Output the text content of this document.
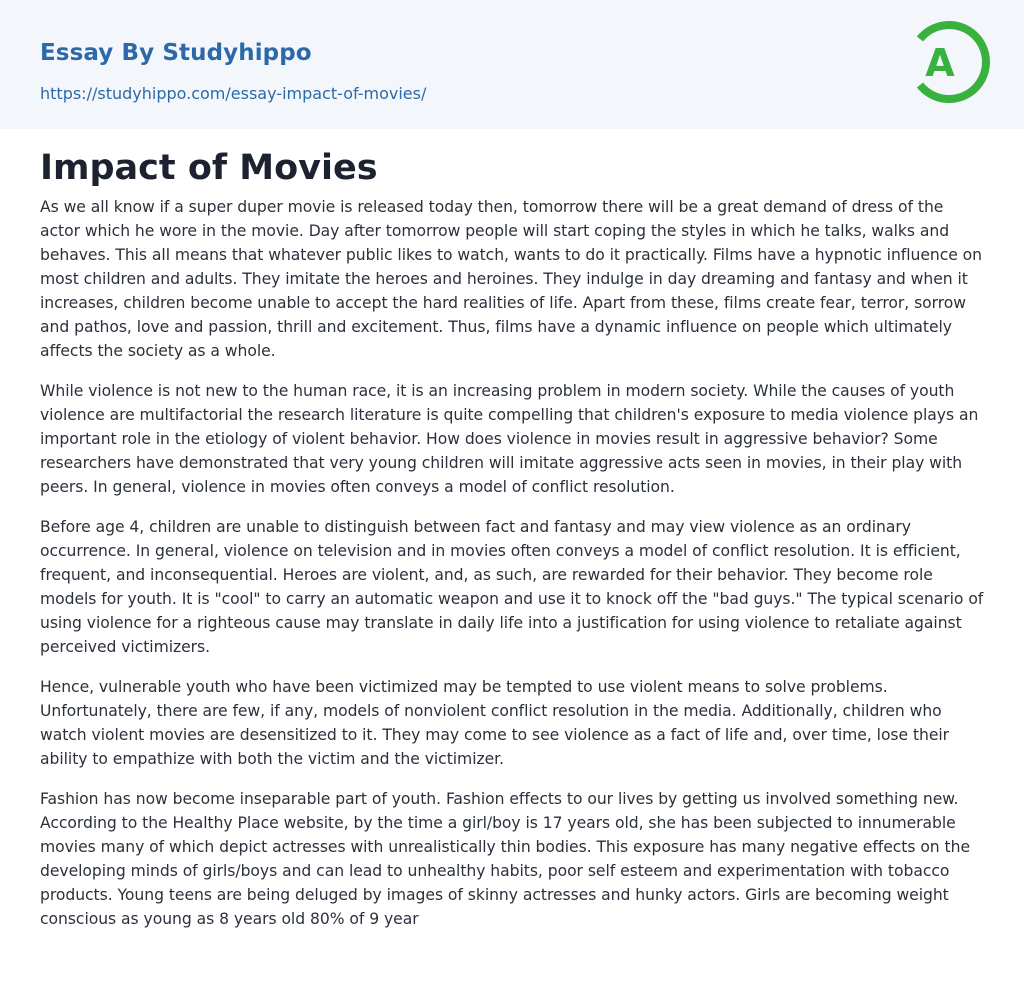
Essay By Studyhippo
https://studyhippo.com/essay-impact-of-movies/
A
Impact of Movies

As we all know if a super duper movie is released today then, tomorrow there will be a great demand of dress of the actor which he wore in the movie. Day after tomorrow people will start coping the styles in which he talks, walks and behaves. This all means that whatever public likes to watch, wants to do it practically. Films have a hypnotic influence on most children and adults. They imitate the heroes and heroines. They indulge in day dreaming and fantasy and when it increases, children become unable to accept the hard realities of life. Apart from these, films create fear, terror, sorrow and pathos, love and passion, thrill and excitement. Thus, films have a dynamic influence on people which ultimately affects the society as a whole.

While violence is not new to the human race, it is an increasing problem in modern society. While the causes of youth violence are multifactorial the research literature is quite compelling that children's exposure to media violence plays an important role in the etiology of violent behavior. How does violence in movies result in aggressive behavior? Some researchers have demonstrated that very young children will imitate aggressive acts seen in movies, in their play with peers. In general, violence in movies often conveys a model of conflict resolution.

Before age 4, children are unable to distinguish between fact and fantasy and may view violence as an ordinary occurrence. In general, violence on television and in movies often conveys a model of conflict resolution. It is efficient, frequent, and inconsequential. Heroes are violent, and, as such, are rewarded for their behavior. They become role models for youth. It is "cool" to carry an automatic weapon and use it to knock off the "bad guys." The typical scenario of using violence for a righteous cause may translate in daily life into a justification for using violence to retaliate against perceived victimizers.

Hence, vulnerable youth who have been victimized may be tempted to use violent means to solve problems. Unfortunately, there are few, if any, models of nonviolent conflict resolution in the media. Additionally, children who watch violent movies are desensitized to it. They may come to see violence as a fact of life and, over time, lose their ability to empathize with both the victim and the victimizer.

Fashion has now become inseparable part of youth. Fashion effects to our lives by getting us involved something new. According to the Healthy Place website, by the time a girl/boy is 17 years old, she has been subjected to innumerable movies many of which depict actresses with unrealistically thin bodies. This exposure has many negative effects on the developing minds of girls/boys and can lead to unhealthy habits, poor self esteem and experimentation with tobacco products. Young teens are being deluged by images of skinny actresses and hunky actors. Girls are becoming weight conscious as young as 8 years old 80% of 9 year
